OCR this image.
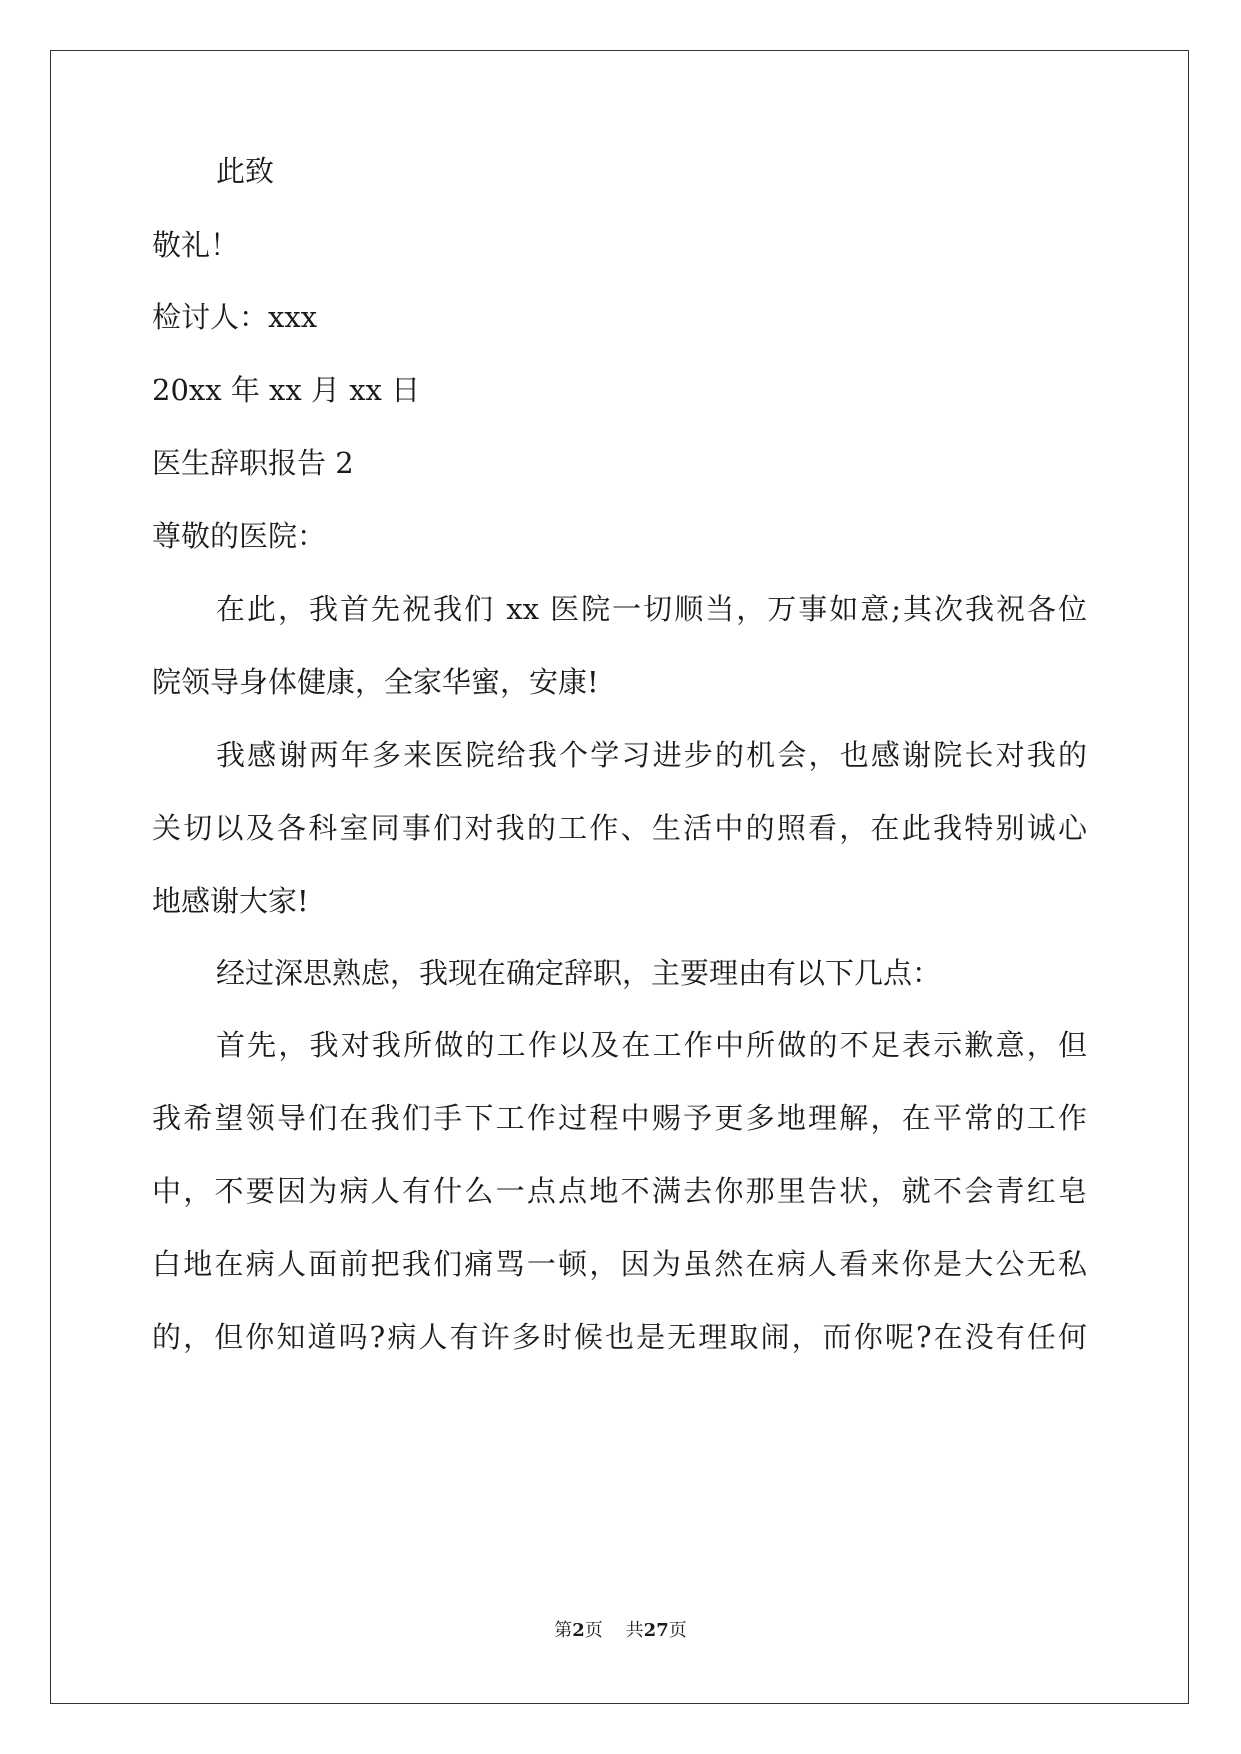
此致
敬礼！
检讨人：xxx
20xx 年 xx 月 xx 日
医生辞职报告 2
尊敬的医院：
在此，我首先祝我们 xx 医院一切顺当，万事如意;其次我祝各位
院领导身体健康，全家华蜜，安康!
我感谢两年多来医院给我个学习进步的机会，也感谢院长对我的
关切以及各科室同事们对我的工作、生活中的照看，在此我特别诚心
地感谢大家!
经过深思熟虑，我现在确定辞职，主要理由有以下几点：
首先，我对我所做的工作以及在工作中所做的不足表示歉意，但
我希望领导们在我们手下工作过程中赐予更多地理解，在平常的工作
中，不要因为病人有什么一点点地不满去你那里告状，就不会青红皂
白地在病人面前把我们痛骂一顿，因为虽然在病人看来你是大公无私
的，但你知道吗?病人有许多时候也是无理取闹，而你呢?在没有任何
第2页 共27页
